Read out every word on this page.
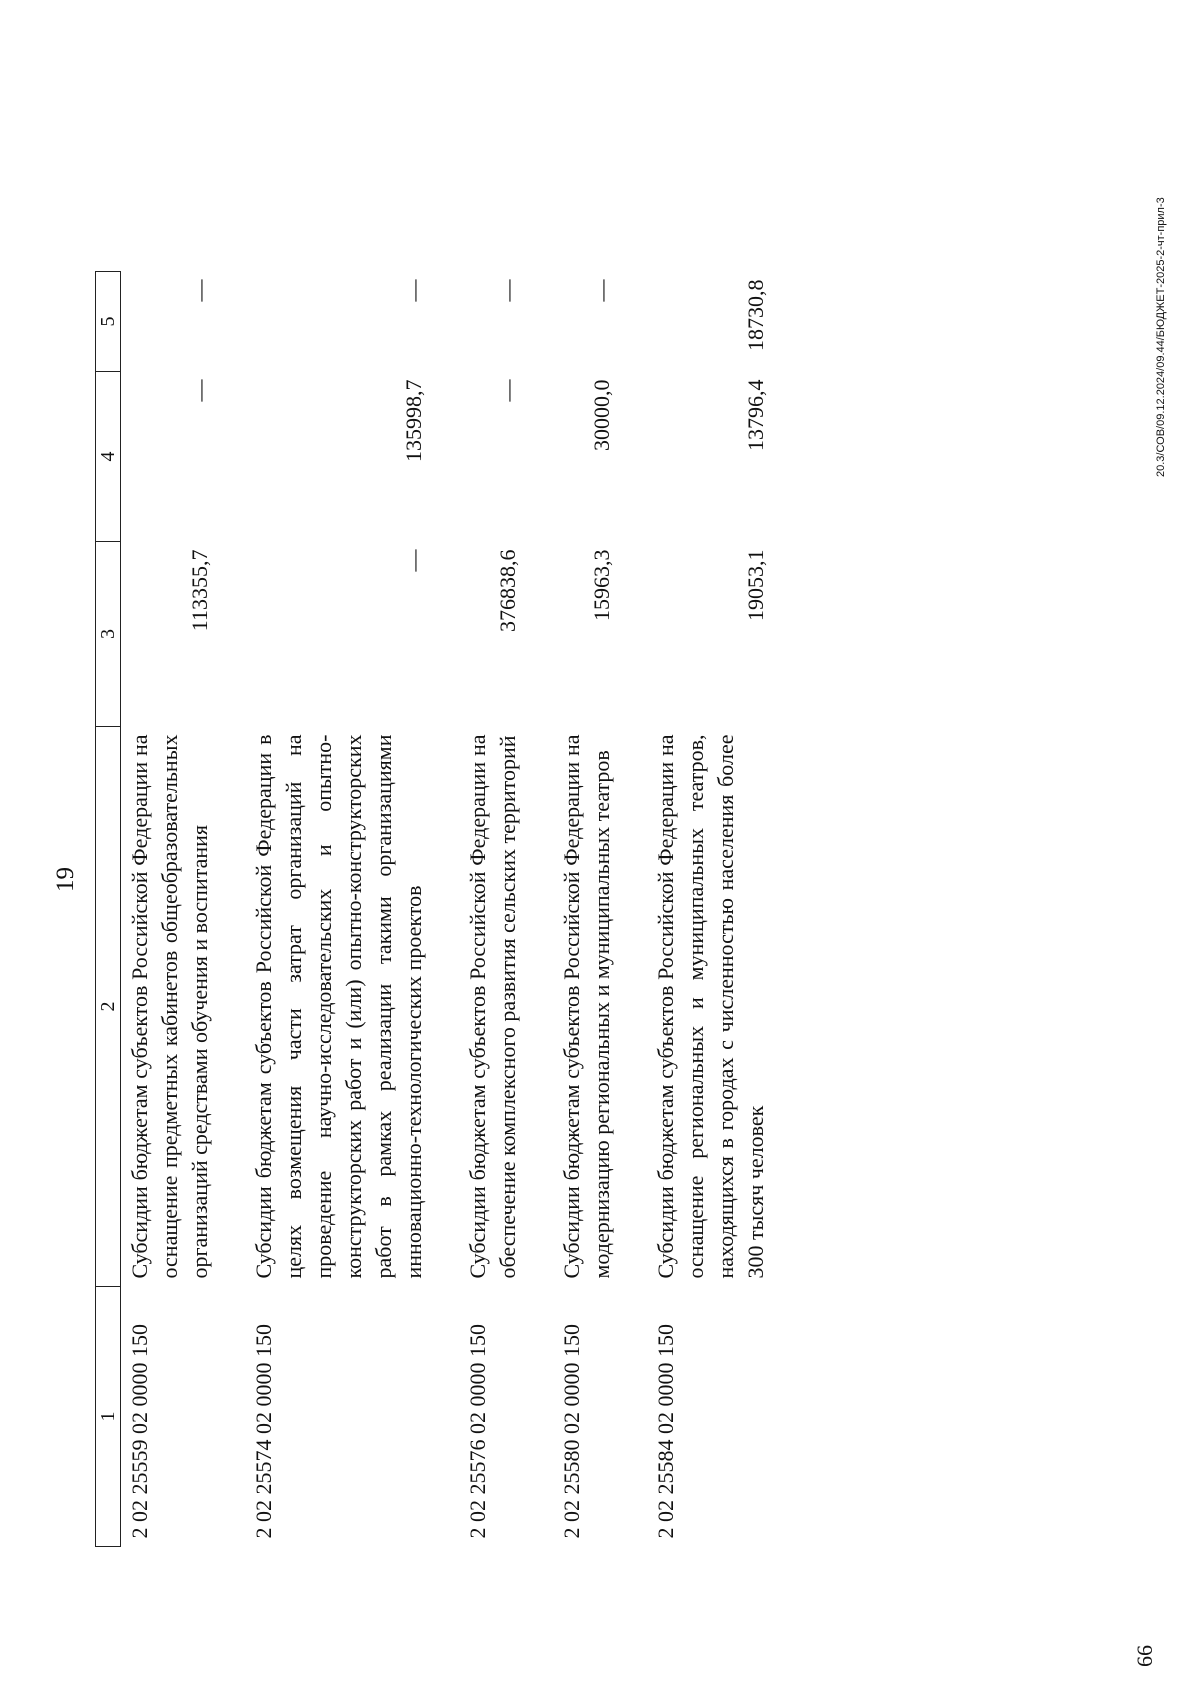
19
1	2	3	4	5
2 02 25559 02 0000 150	Субсидии бюджетам субъектов Российской Федерации на оснащение предметных кабинетов общеобразовательных организаций средствами обучения и воспитания	113355,7	—	—
2 02 25574 02 0000 150	Субсидии бюджетам субъектов Российской Федерации в целях возмещения части затрат организаций на проведение научно-исследовательских и опытно-конструкторских работ и (или) опытно-конструкторских работ в рамках реализации такими организациями инновационно-технологических проектов	—	135998,7	—
2 02 25576 02 0000 150	Субсидии бюджетам субъектов Российской Федерации на обеспечение комплексного развития сельских территорий	376838,6	—	—
2 02 25580 02 0000 150	Субсидии бюджетам субъектов Российской Федерации на модернизацию региональных и муниципальных театров	15963,3	30000,0	—
2 02 25584 02 0000 150	Субсидии бюджетам субъектов Российской Федерации на оснащение региональных и муниципальных театров, находящихся в городах с численностью населения более 300 тысяч человек	19053,1	13796,4	18730,8	20.3/СОВ/09.12.2024/09.44/БЮДЖЕТ-2025-2-чт-прил-3
66
